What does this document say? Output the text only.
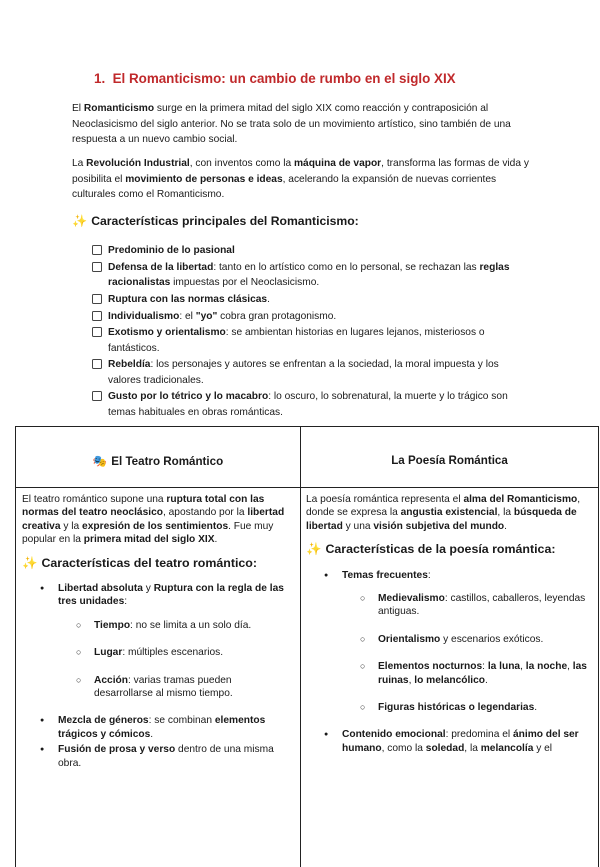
1.  El Romanticismo: un cambio de rumbo en el siglo XIX

El Romanticismo surge en la primera mitad del siglo XIX como reacción y contraposición al Neoclasicismo del siglo anterior. No se trata solo de un movimiento artístico, sino también de una respuesta a un nuevo cambio social.

La Revolución Industrial, con inventos como la máquina de vapor, transforma las formas de vida y posibilita el movimiento de personas e ideas, acelerando la expansión de nuevas corrientes culturales como el Romanticismo.

✨ Características principales del Romanticismo:
Predominio de lo pasional
Defensa de la libertad: tanto en lo artístico como en lo personal, se rechazan las reglas racionalistas impuestas por el Neoclasicismo.
Ruptura con las normas clásicas.
Individualismo: el "yo" cobra gran protagonismo.
Exotismo y orientalismo: se ambientan historias en lugares lejanos, misteriosos o fantásticos.
Rebeldía: los personajes y autores se enfrentan a la sociedad, la moral impuesta y los valores tradicionales.
Gusto por lo tétrico y lo macabro: lo oscuro, lo sobrenatural, la muerte y lo trágico son temas habituales en obras románticas.
🎭 El Teatro Romántico	La Poesía Romántica

El teatro romántico supone una ruptura total con las normas del teatro neoclásico, apostando por la libertad creativa y la expresión de los sentimientos. Fue muy popular en la primera mitad del siglo XIX.

✨ Características del teatro romántico:
● Libertad absoluta y Ruptura con la regla de las tres unidades:
○ Tiempo: no se limita a un solo día.
○ Lugar: múltiples escenarios.
○ Acción: varias tramas pueden desarrollarse al mismo tiempo.
● Mezcla de géneros: se combinan elementos trágicos y cómicos.
● Fusión de prosa y verso dentro de una misma obra.

La poesía romántica representa el alma del Romanticismo, donde se expresa la angustia existencial, la búsqueda de libertad y una visión subjetiva del mundo.

✨ Características de la poesía romántica:
● Temas frecuentes:
○ Medievalismo: castillos, caballeros, leyendas antiguas.
○ Orientalismo y escenarios exóticos.
○ Elementos nocturnos: la luna, la noche, las ruinas, lo melancólico.
○ Figuras históricas o legendarias.
● Contenido emocional: predomina el ánimo del ser humano, como la soledad, la melancolía y el
